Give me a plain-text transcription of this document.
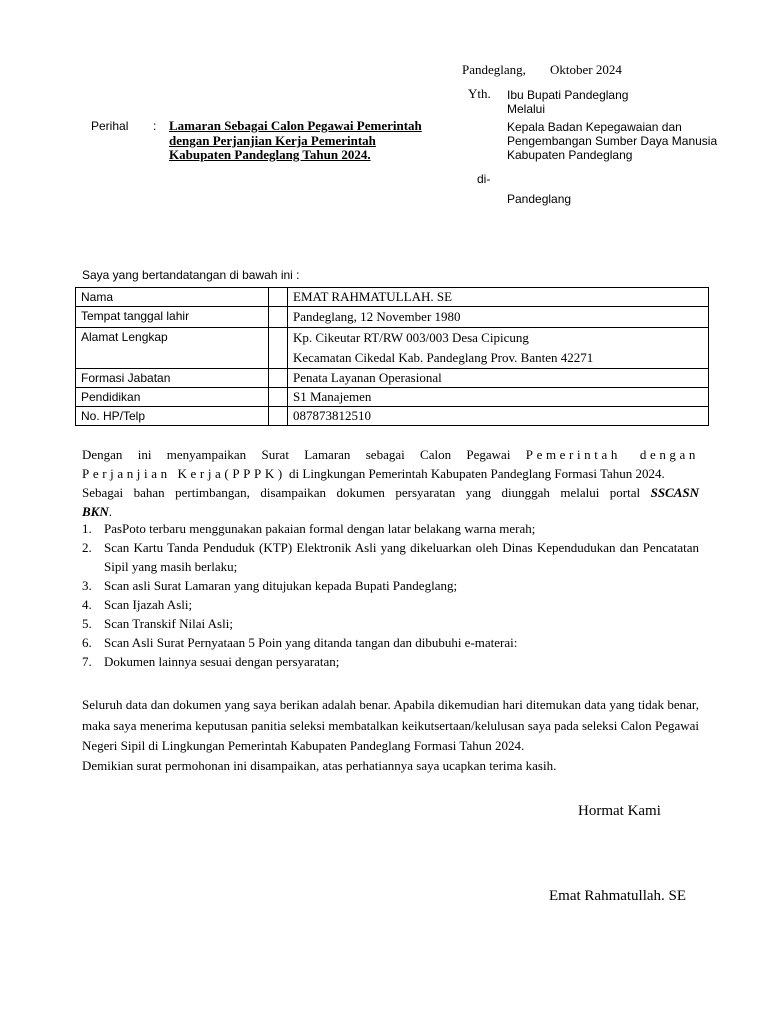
Pandeglang, Oktober 2024
Yth. Ibu Bupati Pandeglang
Melalui
Kepala Badan Kepegawaian dan
Pengembangan Sumber Daya Manusia
Kabupaten Pandeglang
di-
Pandeglang
Perihal : Lamaran Sebagai Calon Pegawai Pemerintah
dengan Perjanjian Kerja Pemerintah
Kabupaten Pandeglang Tahun 2024.
Saya yang bertandatangan di bawah ini :
Nama		EMAT RAHMATULLAH. SE
Tempat tanggal lahir		Pandeglang, 12 November 1980
Alamat Lengkap		Kp. Cikeutar RT/RW 003/003 Desa Cipicung
Kecamatan Cikedal Kab. Pandeglang Prov. Banten 42271

Formasi Jabatan		Penata Layanan Operasional
Pendidikan		S1 Manajemen
No. HP/Telp		087873812510
Dengan ini menyampaikan Surat Lamaran sebagai Calon Pegawai Pemerintah dengan
Perjanjian Kerja(PPPK) di Lingkungan Pemerintah Kabupaten Pandeglang Formasi Tahun 2024.
Sebagai bahan pertimbangan, disampaikan dokumen persyaratan yang diunggah melalui portal SSCASN
BKN.
1. PasPoto terbaru menggunakan pakaian formal dengan latar belakang warna merah;
2. Scan Kartu Tanda Penduduk (KTP) Elektronik Asli yang dikeluarkan oleh Dinas Kependudukan dan Pencatatan Sipil yang masih berlaku;
3. Scan asli Surat Lamaran yang ditujukan kepada Bupati Pandeglang;
4. Scan Ijazah Asli;
5. Scan Transkif Nilai Asli;
6. Scan Asli Surat Pernyataan 5 Poin yang ditanda tangan dan dibubuhi e-materai:
7. Dokumen lainnya sesuai dengan persyaratan;
Seluruh data dan dokumen yang saya berikan adalah benar. Apabila dikemudian hari ditemukan data yang tidak benar, maka saya menerima keputusan panitia seleksi membatalkan keikutsertaan/kelulusan saya pada seleksi Calon Pegawai Negeri Sipil di Lingkungan Pemerintah Kabupaten Pandeglang Formasi Tahun 2024.
Demikian surat permohonan ini disampaikan, atas perhatiannya saya ucapkan terima kasih.
Hormat Kami
Emat Rahmatullah. SE
